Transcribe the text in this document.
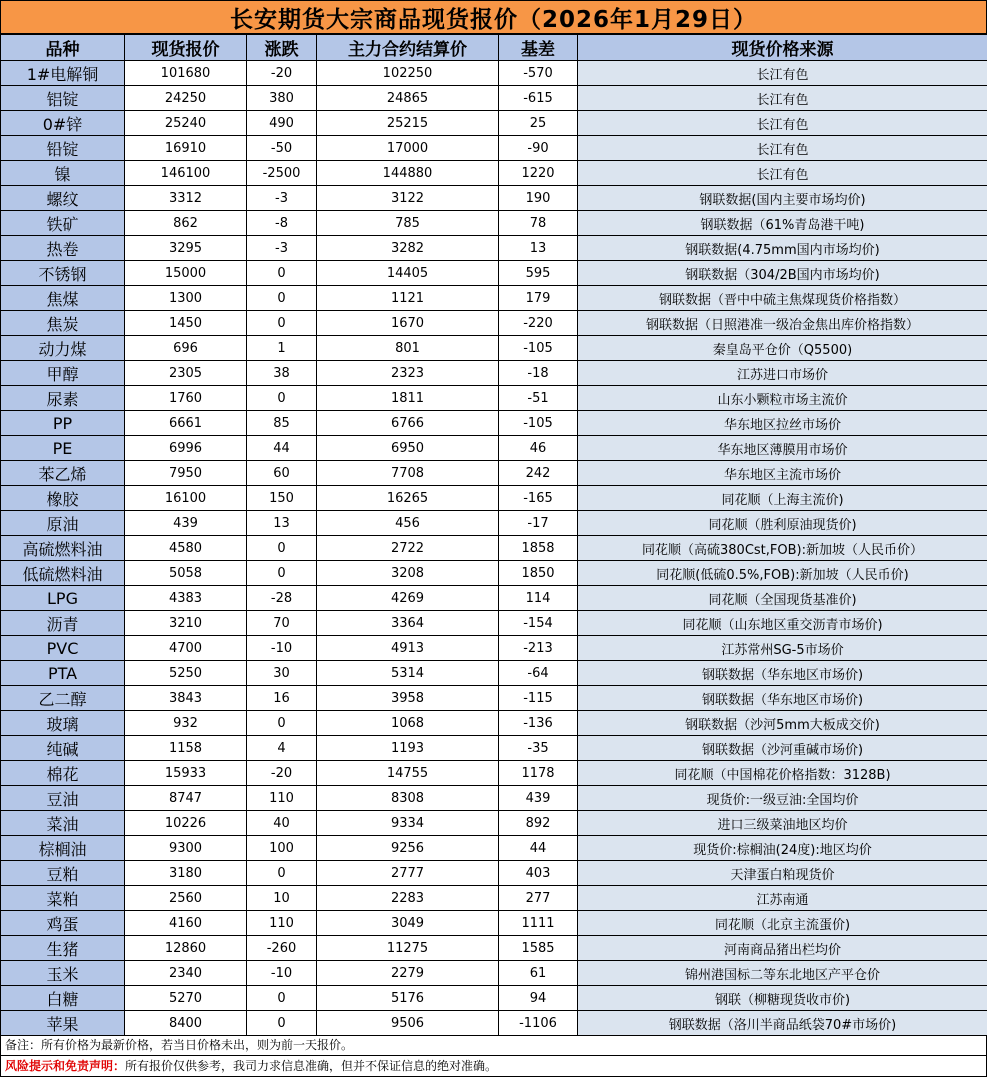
长安期货大宗商品现货报价（2026年1月29日）
品种	现货报价	涨跌	主力合约结算价	基差	现货价格来源
1#电解铜	101680	-20	102250	-570	长江有色
铝锭	24250	380	24865	-615	长江有色
0#锌	25240	490	25215	25	长江有色
铅锭	16910	-50	17000	-90	长江有色
镍	146100	-2500	144880	1220	长江有色
螺纹	3312	-3	3122	190	钢联数据(国内主要市场均价)
铁矿	862	-8	785	78	钢联数据（61%青岛港干吨)
热卷	3295	-3	3282	13	钢联数据(4.75mm国内市场均价)
不锈钢	15000	0	14405	595	钢联数据（304/2B国内市场均价)
焦煤	1300	0	1121	179	钢联数据（晋中中硫主焦煤现货价格指数）
焦炭	1450	0	1670	-220	钢联数据（日照港准一级冶金焦出库价格指数）
动力煤	696	1	801	-105	秦皇岛平仓价（Q5500)
甲醇	2305	38	2323	-18	江苏进口市场价
尿素	1760	0	1811	-51	山东小颗粒市场主流价
PP	6661	85	6766	-105	华东地区拉丝市场价
PE	6996	44	6950	46	华东地区薄膜用市场价
苯乙烯	7950	60	7708	242	华东地区主流市场价
橡胶	16100	150	16265	-165	同花顺（上海主流价)
原油	439	13	456	-17	同花顺（胜利原油现货价)
高硫燃料油	4580	0	2722	1858	同花顺（高硫380Cst,FOB):新加坡（人民币价）
低硫燃料油	5058	0	3208	1850	同花顺(低硫0.5%,FOB):新加坡（人民币价)
LPG	4383	-28	4269	114	同花顺（全国现货基准价)
沥青	3210	70	3364	-154	同花顺（山东地区重交沥青市场价)
PVC	4700	-10	4913	-213	江苏常州SG-5市场价
PTA	5250	30	5314	-64	钢联数据（华东地区市场价)
乙二醇	3843	16	3958	-115	钢联数据（华东地区市场价)
玻璃	932	0	1068	-136	钢联数据（沙河5mm大板成交价)
纯碱	1158	4	1193	-35	钢联数据（沙河重碱市场价)
棉花	15933	-20	14755	1178	同花顺（中国棉花价格指数：3128B)
豆油	8747	110	8308	439	现货价:一级豆油:全国均价
菜油	10226	40	9334	892	进口三级菜油地区均价
棕榈油	9300	100	9256	44	现货价:棕榈油(24度):地区均价
豆粕	3180	0	2777	403	天津蛋白粕现货价
菜粕	2560	10	2283	277	江苏南通
鸡蛋	4160	110	3049	1111	同花顺（北京主流蛋价)
生猪	12860	-260	11275	1585	河南商品猪出栏均价
玉米	2340	-10	2279	61	锦州港国标二等东北地区产平仓价
白糖	5270	0	5176	94	钢联（柳糖现货收市价)
苹果	8400	0	9506	-1106	钢联数据（洛川半商品纸袋70#市场价)
备注：所有价格为最新价格，若当日价格未出，则为前一天报价。
风险提示和免责声明：所有报价仅供参考，我司力求信息准确，但并不保证信息的绝对准确。
